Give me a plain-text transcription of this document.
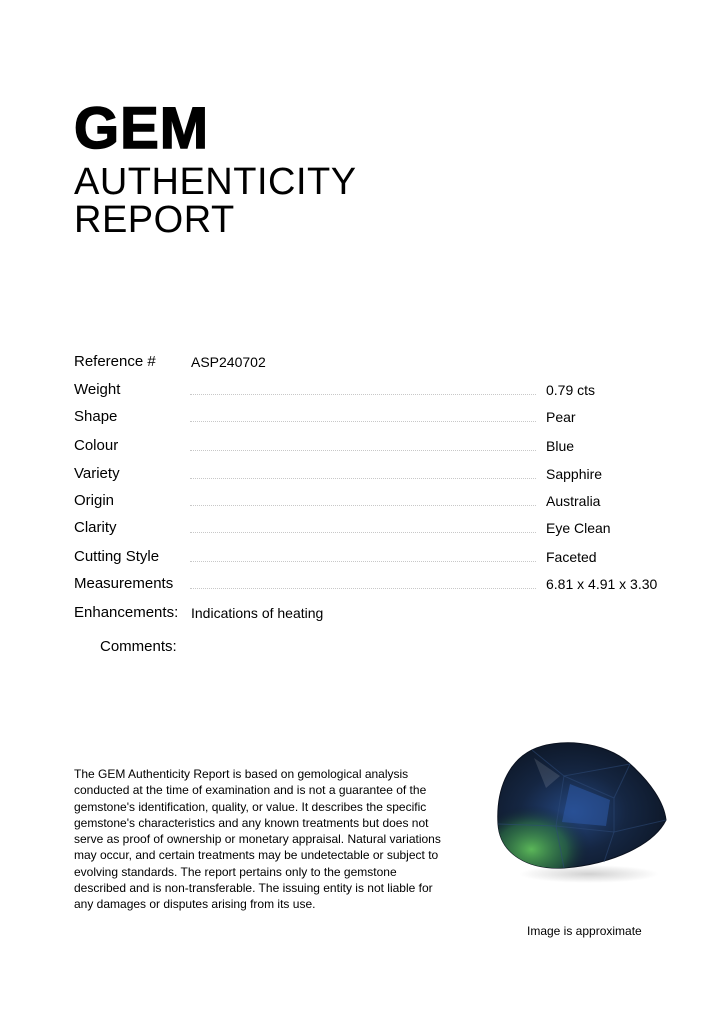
GEM
AUTHENTICITY
REPORT
Reference #	ASP240702
Weight	0.79 cts
Shape	Pear
Colour	Blue
Variety	Sapphire
Origin	Australia
Clarity	Eye Clean
Cutting Style	Faceted
Measurements	6.81 x 4.91 x 3.30
Enhancements: Indications of heating
Comments:
The GEM Authenticity Report is based on gemological analysis conducted at the time of examination and is not a guarantee of the gemstone's identification, quality, or value. It describes the specific gemstone's characteristics and any known treatments but does not serve as proof of ownership or monetary appraisal. Natural variations may occur, and certain treatments may be undetectable or subject to evolving standards. The report pertains only to the gemstone described and is non-transferable. The issuing entity is not liable for any damages or disputes arising from its use.
Image is approximate
